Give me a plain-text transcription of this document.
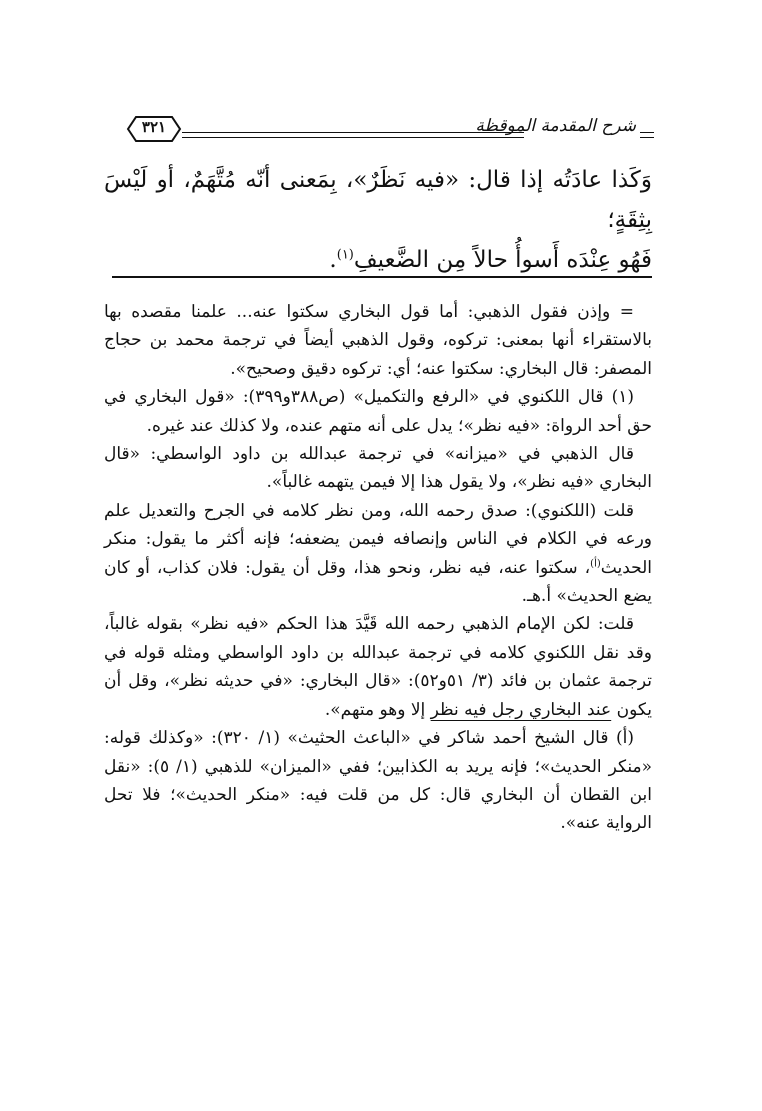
شرح المقدمة الموقظة
٣٢١

وَكَذا عادَتُه إذا قال: «فيه نَظَرٌ»، بِمَعنى أنّه مُتَّهَمٌ، أو لَيْسَ بِثِقَةٍ؛

فَهُو عِنْدَه أَسوأُ حالاً مِن الضَّعيفِ$^{(١)}$.

= وإذن فقول الذهبي: أما قول البخاري سكتوا عنه... علمنا مقصده بها بالاستقراء أنها بمعنى: تركوه، وقول الذهبي أيضاً في ترجمة محمد بن حجاج المصفر: قال البخاري: سكتوا عنه؛ أي: تركوه دقيق وصحيح».

(١) قال اللكنوي في «الرفع والتكميل» (ص٣٨٨و٣٩٩): «قول البخاري في حق أحد الرواة: «فيه نظر»؛ يدل على أنه متهم عنده، ولا كذلك عند غيره.

قال الذهبي في «ميزانه» في ترجمة عبدالله بن داود الواسطي: «قال البخاري «فيه نظر»، ولا يقول هذا إلا فيمن يتهمه غالباً».

قلت (اللكنوي): صدق رحمه الله، ومن نظر كلامه في الجرح والتعديل علم ورعه في الكلام في الناس وإنصافه فيمن يضعفه؛ فإنه أكثر ما يقول: منكر الحديث$^{(أ)}$، سكتوا عنه، فيه نظر، ونحو هذا، وقل أن يقول: فلان كذاب، أو كان يضع الحديث» أ.هـ.

قلت: لكن الإمام الذهبي رحمه الله قَيَّدَ هذا الحكم «فيه نظر» بقوله غالباً، وقد نقل اللكنوي كلامه في ترجمة عبدالله بن داود الواسطي ومثله قوله في ترجمة عثمان بن فائد (٣/ ٥١و٥٢): «قال البخاري: «في حديثه نظر»، وقل أن يكون عند البخاري رجل فيه نظر إلا وهو متهم».

(أ) قال الشيخ أحمد شاكر في «الباعث الحثيث» (١/ ٣٢٠): «وكذلك قوله: «منكر الحديث»؛ فإنه يريد به الكذابين؛ ففي «الميزان» للذهبي (١/ ٥): «نقل ابن القطان أن البخاري قال: كل من قلت فيه: «منكر الحديث»؛ فلا تحل الرواية عنه».
